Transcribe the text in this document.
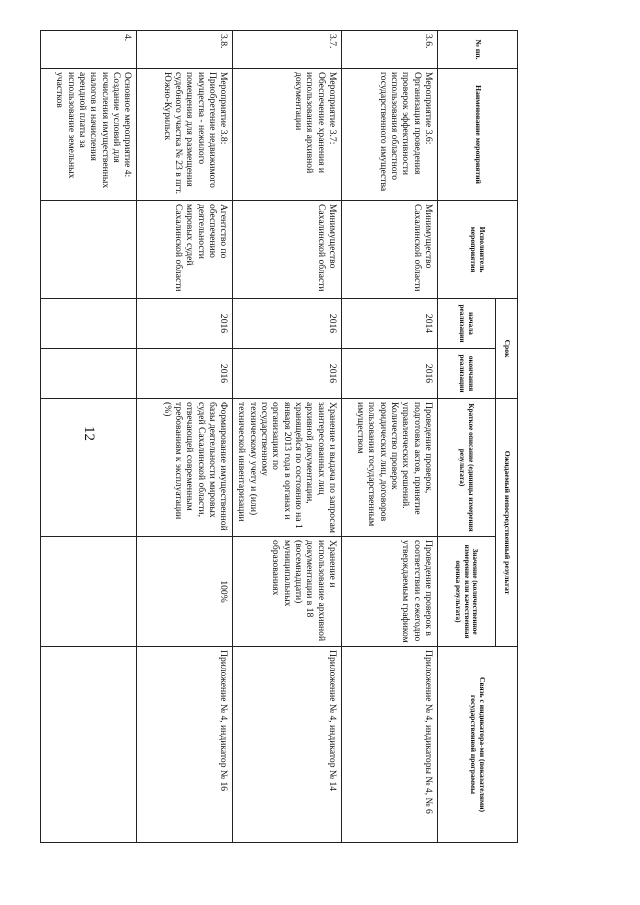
12
№ пп.	Наименование мероприятий	Исполнитель мероприятия	Срок		Ожидаемый непосредственный результат		Связь с индикатора-ми (показателями) государственной программы
			начала реализации	окончания реализации	Краткое описание (единицы измерения результата)	Значение (количественное измерение или качественная оценка результата)	
3.6.	Мероприятие 3.6: Организация проведения проверок эффективности использования областного государственного имущества	Минимущество Сахалинской области	2014	2016	Проведение проверок, подготовка актов, принятие управленческих решений. Количество проверок юридических лиц, договоров пользования государственным имуществом	Проведение проверок в соответствии с ежегодно утверждаемым графиком	Приложение № 4, индикаторы № 4, № 6
3.7.	Мероприятие 3.7: Обеспечение хранения и использования архивной документации	Минимущество Сахалинской области	2016	2016	Хранение и выдача по запросам заинтересованных лиц архивной документации, хранящейся по состоянию на 1 января 2013 года в органах и организациях по государственному техническому учету и (или) технической инвентаризации	Хранение и использование архивной документации в 18 (восемнадцати) муниципальных образованиях	Приложение № 4, индикатор № 14
3.8.	Мероприятие 3.8: Приобретение недвижимого имущества - нежилого помещения для размещения судебного участка № 23 в пгт. Южно-Курильск	Агентство по обеспечению деятельности мировых судей Сахалинской области	2016	2016	Формирование имущественной базы деятельности мировых судей Сахалинской области, отвечающей современным требованиям к эксплуатации (%)	100%	Приложение № 4, индикатор № 16
4.	Основное мероприятие 4: Создание условий для исчисления имущественных налогов и начисления арендной платы за использование земельных участков						
